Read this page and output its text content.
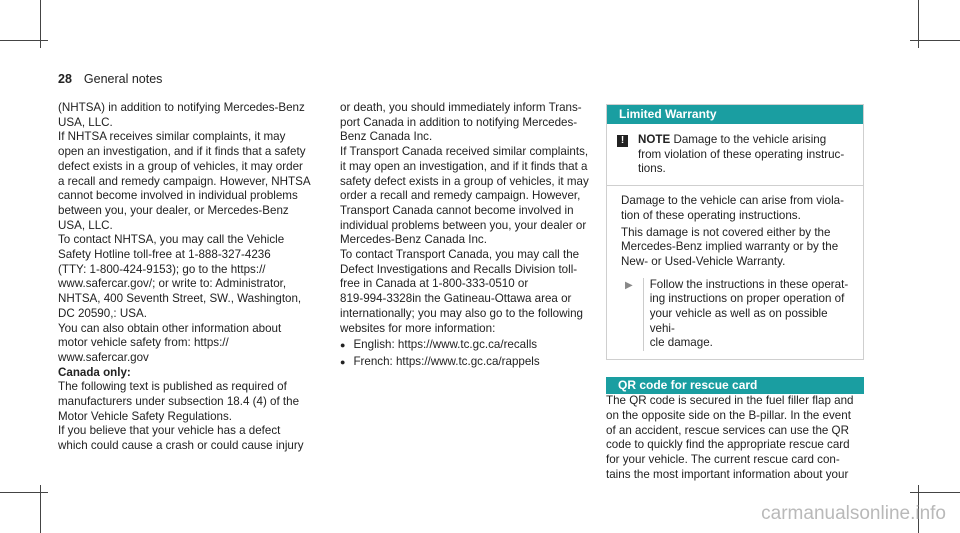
28 General notes

(NHTSA) in addition to notifying Mercedes-Benz
USA, LLC.

If NHTSA receives similar complaints, it may
open an investigation, and if it finds that a safety
defect exists in a group of vehicles, it may order
a recall and remedy campaign. However, NHTSA
cannot become involved in individual problems
between you, your dealer, or Mercedes-Benz
USA, LLC.

To contact NHTSA, you may call the Vehicle
Safety Hotline toll-free at 1-888-327-4236
(TTY: 1-800-424-9153); go to the https://
www.safercar.gov/; or write to: Administrator,
NHTSA, 400 Seventh Street, SW., Washington,
DC 20590,: USA.

You can also obtain other information about
motor vehicle safety from: https://
www.safercar.gov

Canada only:

The following text is published as required of
manufacturers under subsection 18.4 (4) of the
Motor Vehicle Safety Regulations.

If you believe that your vehicle has a defect
which could cause a crash or could cause injury

or death, you should immediately inform Trans-
port Canada in addition to notifying Mercedes-
Benz Canada Inc.

If Transport Canada received similar complaints,
it may open an investigation, and if it finds that a
safety defect exists in a group of vehicles, it may
order a recall and remedy campaign. However,
Transport Canada cannot become involved in
individual problems between you, your dealer or
Mercedes-Benz Canada Inc.

To contact Transport Canada, you may call the
Defect Investigations and Recalls Division toll-
free in Canada at 1-800-333-0510 or
819-994-3328in the Gatineau-Ottawa area or
internationally; you may also go to the following
websites for more information:

● English: https://www.tc.gc.ca/recalls
● French: https://www.tc.gc.ca/rappels
Limited Warranty
!	NOTE Damage to the vehicle arising
from violation of these operating instruc-
tions.

Damage to the vehicle can arise from viola-
tion of these operating instructions.

This damage is not covered either by the
Mercedes-Benz implied warranty or by the
New- or Used-Vehicle Warranty.

▶	Follow the instructions in these operat-
ing instructions on proper operation of
your vehicle as well as on possible vehi-
cle damage.

QR code for rescue card

The QR code is secured in the fuel filler flap and
on the opposite side on the B-pillar. In the event
of an accident, rescue services can use the QR
code to quickly find the appropriate rescue card
for your vehicle. The current rescue card con-
tains the most important information about your

carmanualsonline.info
